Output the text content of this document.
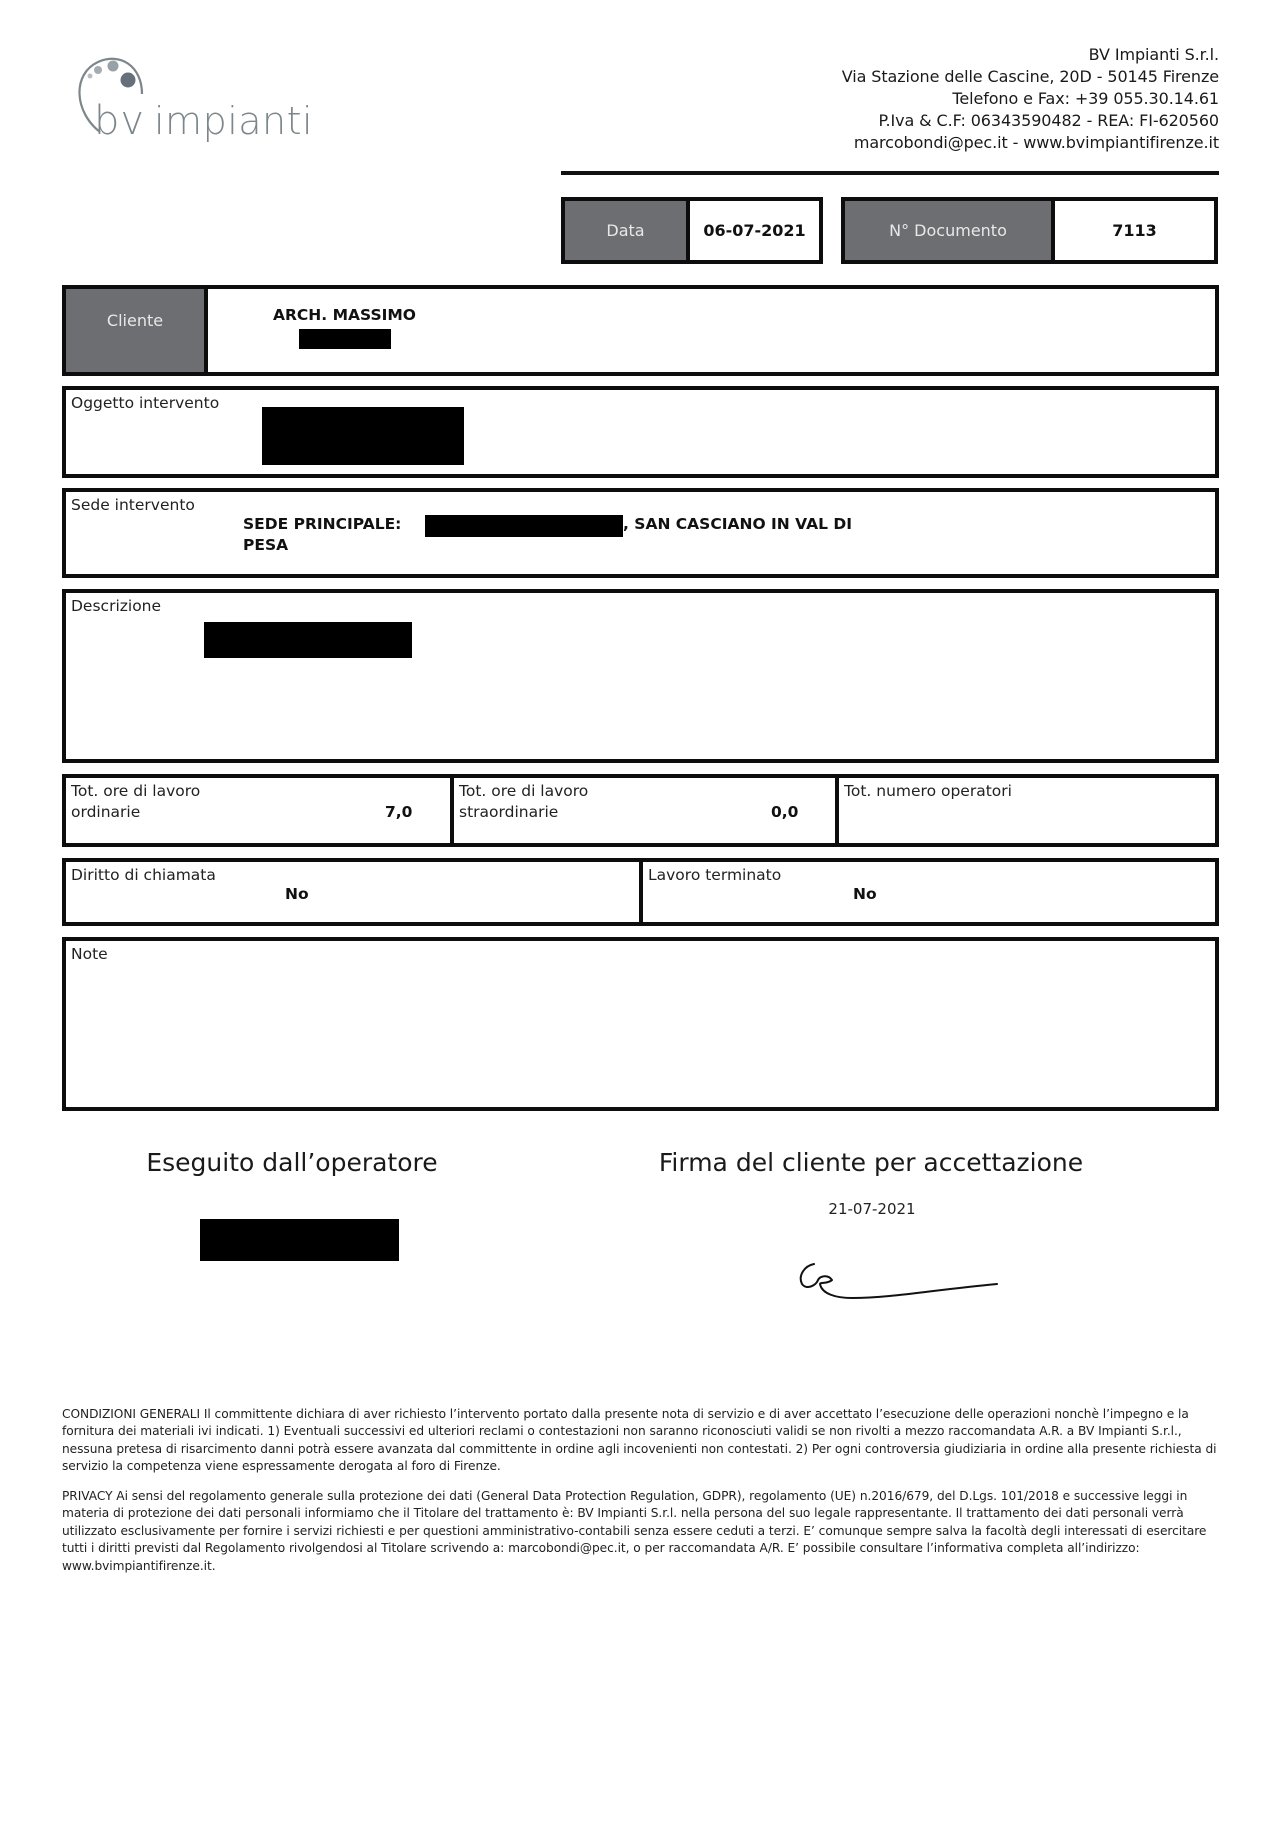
bv impianti
BV Impianti S.r.l.
Via Stazione delle Cascine, 20D - 50145 Firenze
Telefono e Fax: +39 055.30.14.61
P.Iva & C.F: 06343590482 - REA: FI-620560
marcobondi@pec.it - www.bvimpiantifirenze.it
Data	06-07-2021	N° Documento	7113
Cliente	ARCH. MASSIMO
Oggetto intervento
Sede intervento
SEDE PRINCIPALE:	, SAN CASCIANO IN VAL DI
PESA
Descrizione
Tot. ore di lavoro
ordinarie	7,0
Tot. ore di lavoro
straordinarie	0,0
Tot. numero operatori
Diritto di chiamata
No
Lavoro terminato
No
Note
Eseguito dall’operatore	Firma del cliente per accettazione
21-07-2021
CONDIZIONI GENERALI Il committente dichiara di aver richiesto l’intervento portato dalla presente nota di servizio e di aver accettato l’esecuzione delle operazioni nonchè l’impegno e la fornitura dei materiali ivi indicati. 1) Eventuali successivi ed ulteriori reclami o contestazioni non saranno riconosciuti validi se non rivolti a mezzo raccomandata A.R. a BV Impianti S.r.l., nessuna pretesa di risarcimento danni potrà essere avanzata dal committente in ordine agli incovenienti non contestati. 2) Per ogni controversia giudiziaria in ordine alla presente richiesta di servizio la competenza viene espressamente derogata al foro di Firenze.
PRIVACY Ai sensi del regolamento generale sulla protezione dei dati (General Data Protection Regulation, GDPR), regolamento (UE) n.2016/679, del D.Lgs. 101/2018 e successive leggi in materia di protezione dei dati personali informiamo che il Titolare del trattamento è: BV Impianti S.r.l. nella persona del suo legale rappresentante. Il trattamento dei dati personali verrà utilizzato esclusivamente per fornire i servizi richiesti e per questioni amministrativo-contabili senza essere ceduti a terzi. E’ comunque sempre salva la facoltà degli interessati di esercitare tutti i diritti previsti dal Regolamento rivolgendosi al Titolare scrivendo a: marcobondi@pec.it, o per raccomandata A/R. E’ possibile consultare l’informativa completa all’indirizzo: www.bvimpiantifirenze.it.
